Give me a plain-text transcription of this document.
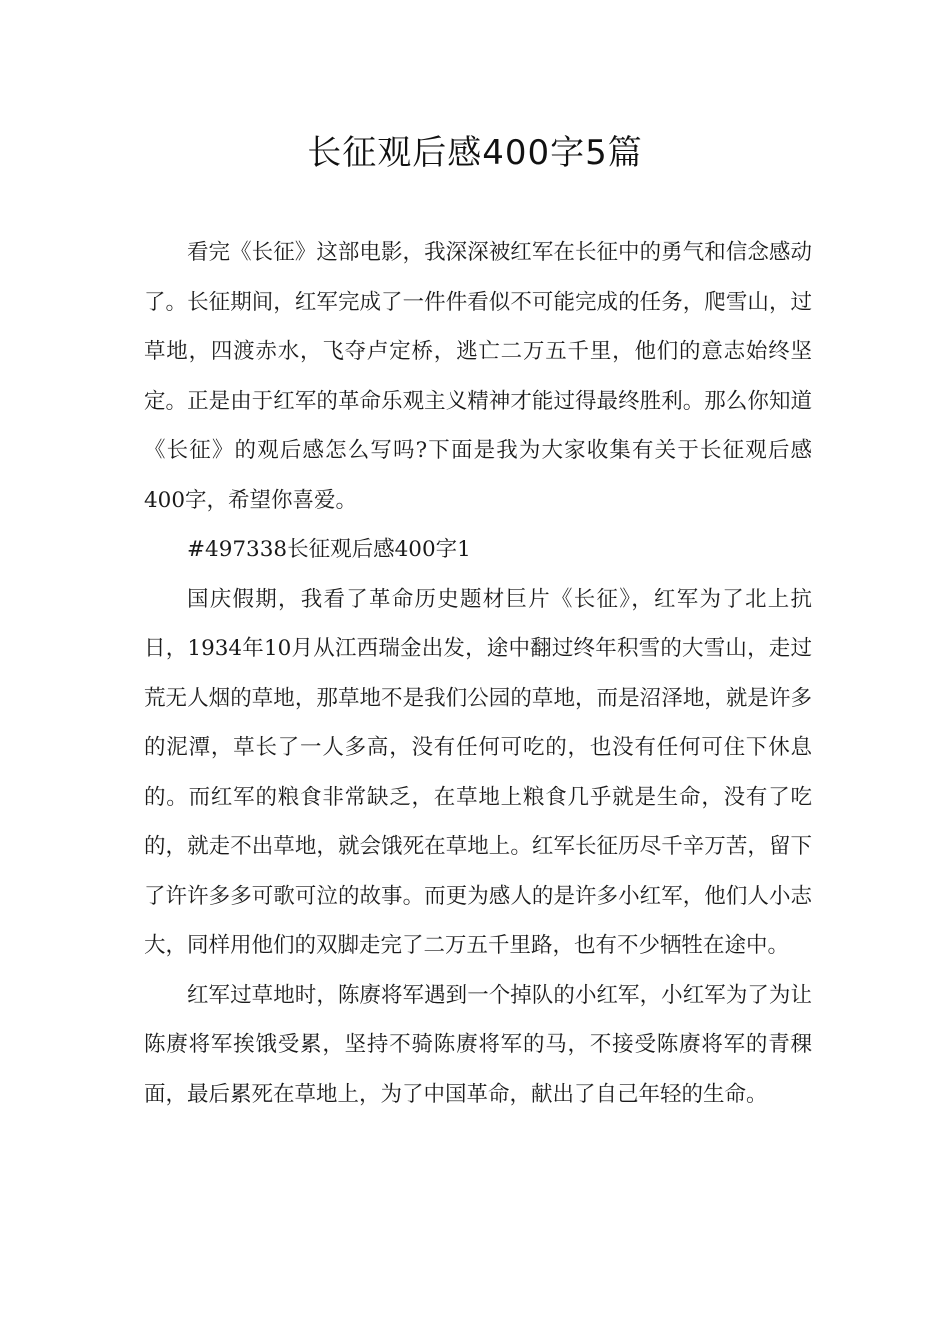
长征观后感400字5篇

看完《长征》这部电影，我深深被红军在长征中的勇气和信念感动了。长征期间，红军完成了一件件看似不可能完成的任务，爬雪山，过草地，四渡赤水，飞夺卢定桥，逃亡二万五千里，他们的意志始终坚定。正是由于红军的革命乐观主义精神才能过得最终胜利。那么你知道《长征》的观后感怎么写吗?下面是我为大家收集有关于长征观后感400字，希望你喜爱。

#497338长征观后感400字1

国庆假期，我看了革命历史题材巨片《长征》，红军为了北上抗日，1934年10月从江西瑞金出发，途中翻过终年积雪的大雪山，走过荒无人烟的草地，那草地不是我们公园的草地，而是沼泽地，就是许多的泥潭，草长了一人多高，没有任何可吃的，也没有任何可住下休息的。而红军的粮食非常缺乏，在草地上粮食几乎就是生命，没有了吃的，就走不出草地，就会饿死在草地上。红军长征历尽千辛万苦，留下了许许多多可歌可泣的故事。而更为感人的是许多小红军，他们人小志大，同样用他们的双脚走完了二万五千里路，也有不少牺牲在途中。

红军过草地时，陈赓将军遇到一个掉队的小红军，小红军为了为让陈赓将军挨饿受累，坚持不骑陈赓将军的马，不接受陈赓将军的青稞面，最后累死在草地上，为了中国革命，献出了自己年轻的生命。
